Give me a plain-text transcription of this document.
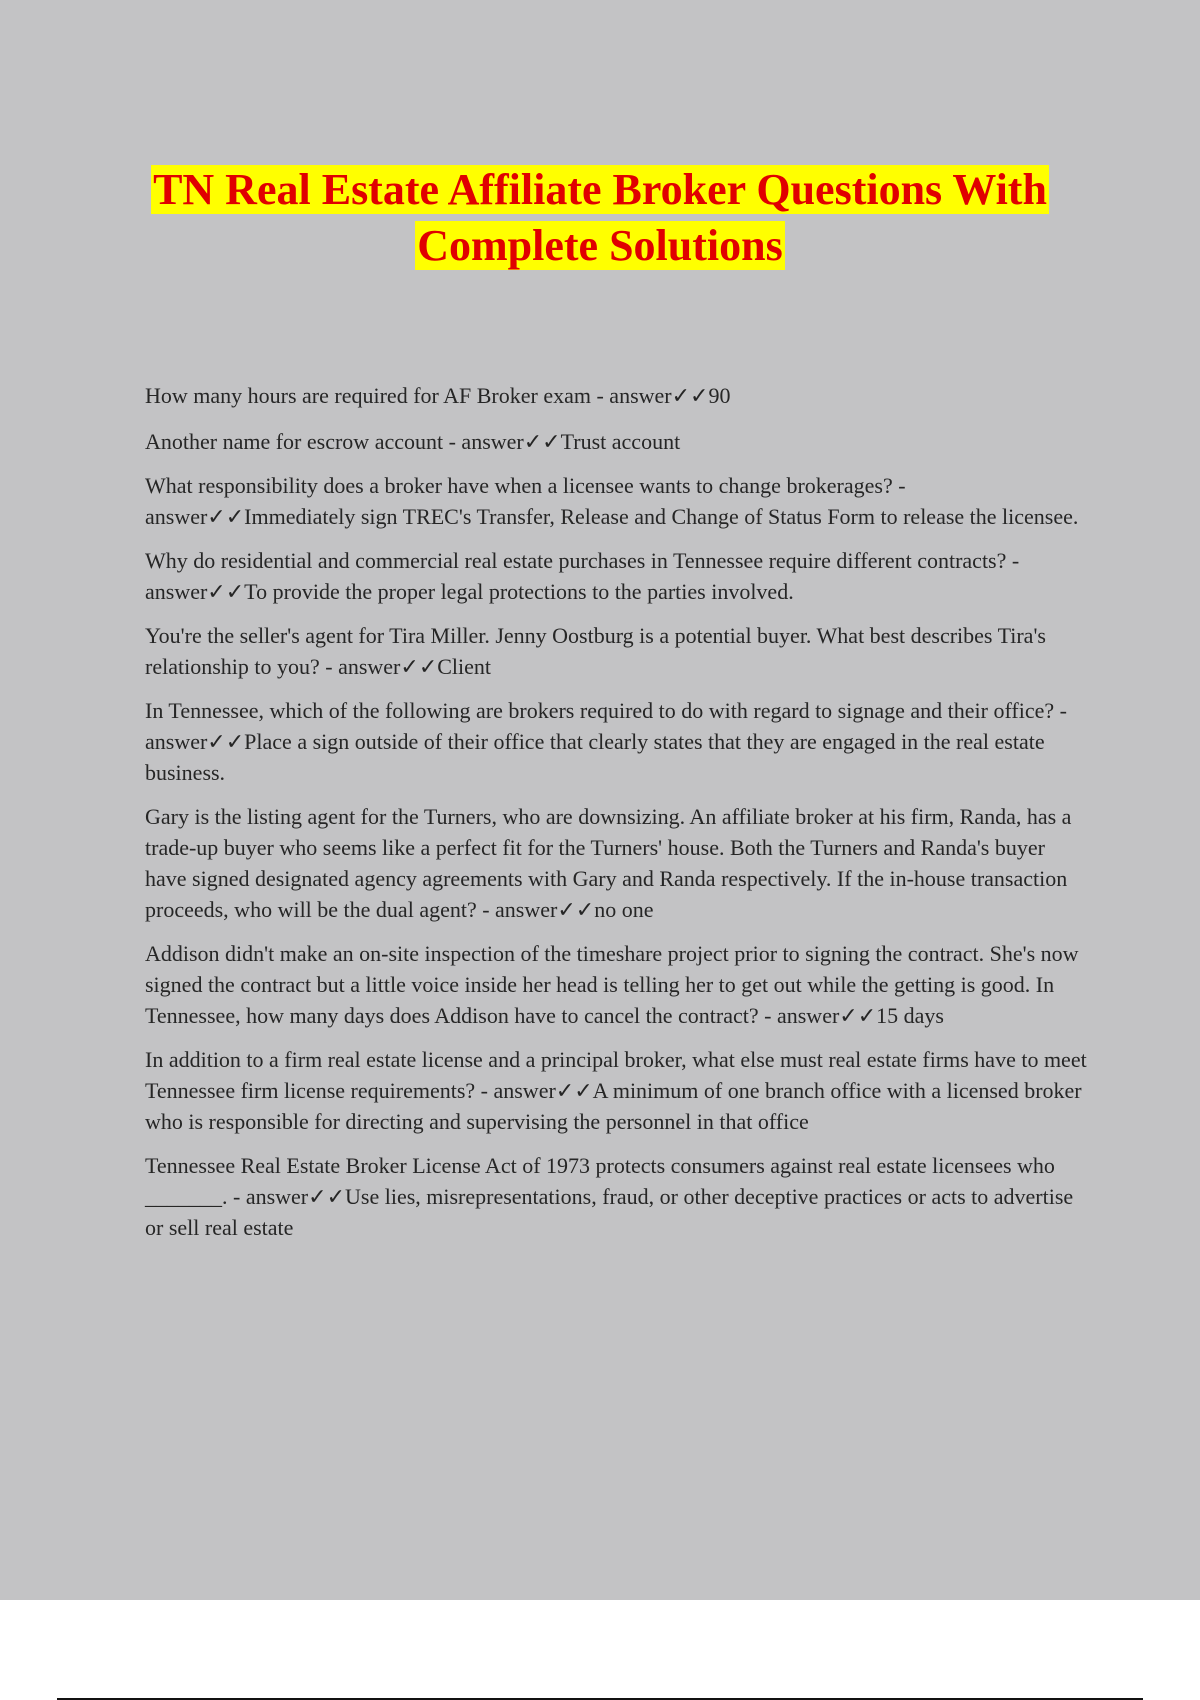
TN Real Estate Affiliate Broker Questions With
Complete Solutions

How many hours are required for AF Broker exam - answer✓✓90

Another name for escrow account - answer✓✓Trust account

What responsibility does a broker have when a licensee wants to change brokerages? - answer✓✓Immediately sign TREC's Transfer, Release and Change of Status Form to release the licensee.

Why do residential and commercial real estate purchases in Tennessee require different contracts? - answer✓✓To provide the proper legal protections to the parties involved.

You're the seller's agent for Tira Miller. Jenny Oostburg is a potential buyer. What best describes Tira's relationship to you? - answer✓✓Client

In Tennessee, which of the following are brokers required to do with regard to signage and their office? - answer✓✓Place a sign outside of their office that clearly states that they are engaged in the real estate business.

Gary is the listing agent for the Turners, who are downsizing. An affiliate broker at his firm, Randa, has a trade-up buyer who seems like a perfect fit for the Turners' house. Both the Turners and Randa's buyer have signed designated agency agreements with Gary and Randa respectively. If the in-house transaction proceeds, who will be the dual agent? - answer✓✓no one

Addison didn't make an on-site inspection of the timeshare project prior to signing the contract. She's now signed the contract but a little voice inside her head is telling her to get out while the getting is good. In Tennessee, how many days does Addison have to cancel the contract? - answer✓✓15 days

In addition to a firm real estate license and a principal broker, what else must real estate firms have to meet Tennessee firm license requirements? - answer✓✓A minimum of one branch office with a licensed broker who is responsible for directing and supervising the personnel in that office

Tennessee Real Estate Broker License Act of 1973 protects consumers against real estate licensees who _______. - answer✓✓Use lies, misrepresentations, fraud, or other deceptive practices or acts to advertise or sell real estate
